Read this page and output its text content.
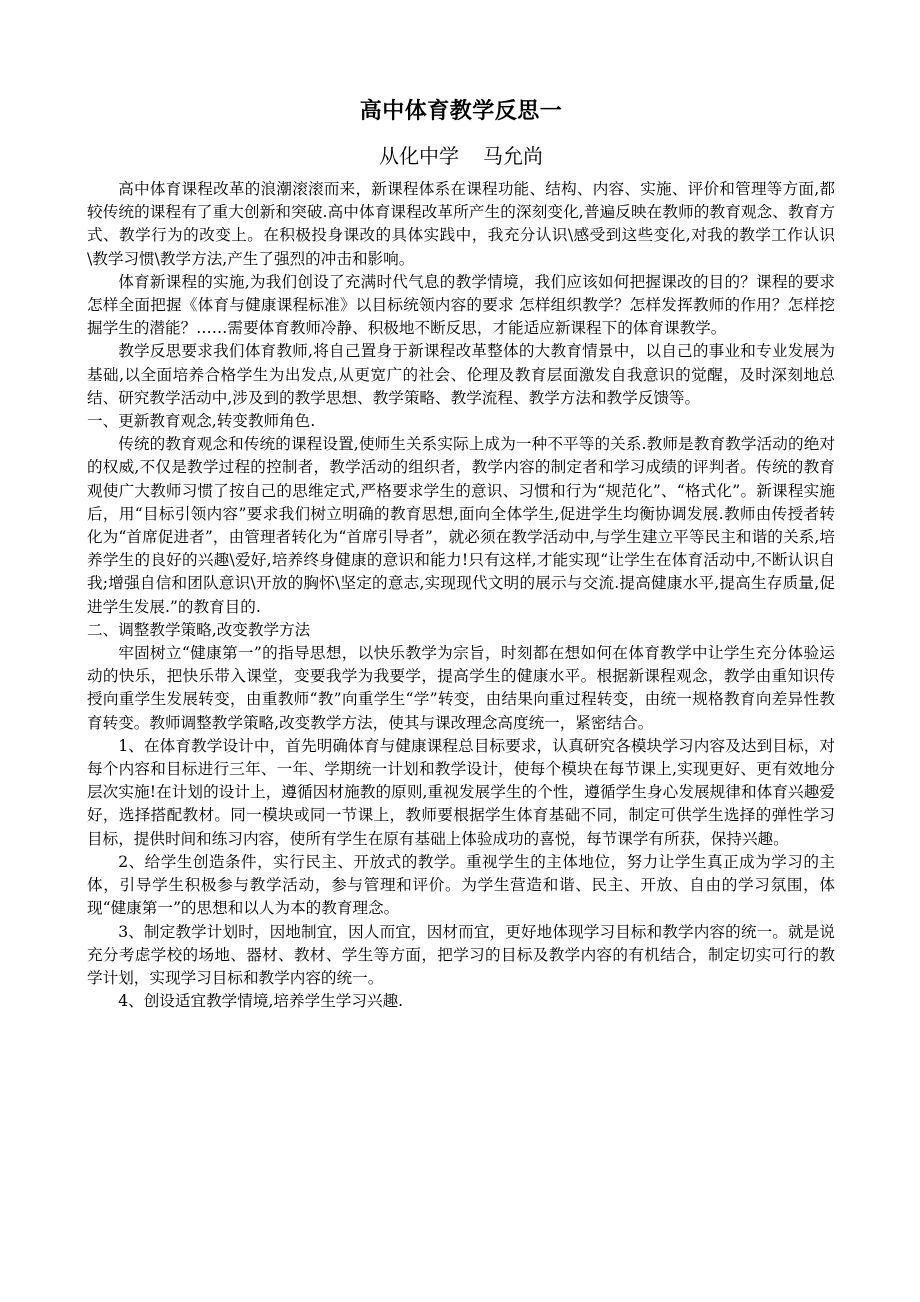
高中体育教学反思一
从化中学 马允尚

高中体育课程改革的浪潮滚滚而来，新课程体系在课程功能、结构、内容、实施、评价和管理等方面,都较传统的课程有了重大创新和突破.高中体育课程改革所产生的深刻变化,普遍反映在教师的教育观念、教育方式、教学行为的改变上。在积极投身课改的具体实践中，我充分认识\感受到这些变化,对我的教学工作认识\教学习惯\教学方法,产生了强烈的冲击和影响。

体育新课程的实施,为我们创设了充满时代气息的教学情境，我们应该如何把握课改的目的？课程的要求 怎样全面把握《体育与健康课程标准》以目标统领内容的要求 怎样组织教学？怎样发挥教师的作用？怎样挖掘学生的潜能？……需要体育教师冷静、积极地不断反思，才能适应新课程下的体育课教学。

教学反思要求我们体育教师,将自己置身于新课程改革整体的大教育情景中，以自己的事业和专业发展为基础,以全面培养合格学生为出发点,从更宽广的社会、伦理及教育层面激发自我意识的觉醒，及时深刻地总结、研究教学活动中,涉及到的教学思想、教学策略、教学流程、教学方法和教学反馈等。

一、更新教育观念,转变教师角色.

传统的教育观念和传统的课程设置,使师生关系实际上成为一种不平等的关系.教师是教育教学活动的绝对的权威,不仅是教学过程的控制者，教学活动的组织者，教学内容的制定者和学习成绩的评判者。传统的教育观使广大教师习惯了按自己的思维定式,严格要求学生的意识、习惯和行为“规范化”、“格式化”。新课程实施后，用“目标引领内容”要求我们树立明确的教育思想,面向全体学生,促进学生均衡协调发展.教师由传授者转化为“首席促进者”，由管理者转化为“首席引导者”，就必须在教学活动中,与学生建立平等民主和谐的关系,培养学生的良好的兴趣\爱好,培养终身健康的意识和能力!只有这样,才能实现“让学生在体育活动中,不断认识自我;增强自信和团队意识\开放的胸怀\坚定的意志,实现现代文明的展示与交流.提高健康水平,提高生存质量,促进学生发展.”的教育目的.

二、调整教学策略,改变教学方法

牢固树立“健康第一”的指导思想，以快乐教学为宗旨，时刻都在想如何在体育教学中让学生充分体验运动的快乐，把快乐带入课堂，变要我学为我要学，提高学生的健康水平。根据新课程观念，教学由重知识传授向重学生发展转变，由重教师“教”向重学生“学”转变，由结果向重过程转变，由统一规格教育向差异性教育转变。教师调整教学策略,改变教学方法，使其与课改理念高度统一，紧密结合。

1、在体育教学设计中，首先明确体育与健康课程总目标要求，认真研究各模块学习内容及达到目标，对每个内容和目标进行三年、一年、学期统一计划和教学设计，使每个模块在每节课上,实现更好、更有效地分层次实施!在计划的设计上，遵循因材施教的原则,重视发展学生的个性，遵循学生身心发展规律和体育兴趣爱好，选择搭配教材。同一模块或同一节课上，教师要根据学生体育基础不同，制定可供学生选择的弹性学习目标，提供时间和练习内容，使所有学生在原有基础上体验成功的喜悦，每节课学有所获，保持兴趣。

2、给学生创造条件，实行民主、开放式的教学。重视学生的主体地位，努力让学生真正成为学习的主体，引导学生积极参与教学活动，参与管理和评价。为学生营造和谐、民主、开放、自由的学习氛围，体现“健康第一”的思想和以人为本的教育理念。

3、制定教学计划时，因地制宜，因人而宜，因材而宜，更好地体现学习目标和教学内容的统一。就是说充分考虑学校的场地、器材、教材、学生等方面，把学习的目标及教学内容的有机结合，制定切实可行的教学计划，实现学习目标和教学内容的统一。

4、创设适宜教学情境,培养学生学习兴趣.
